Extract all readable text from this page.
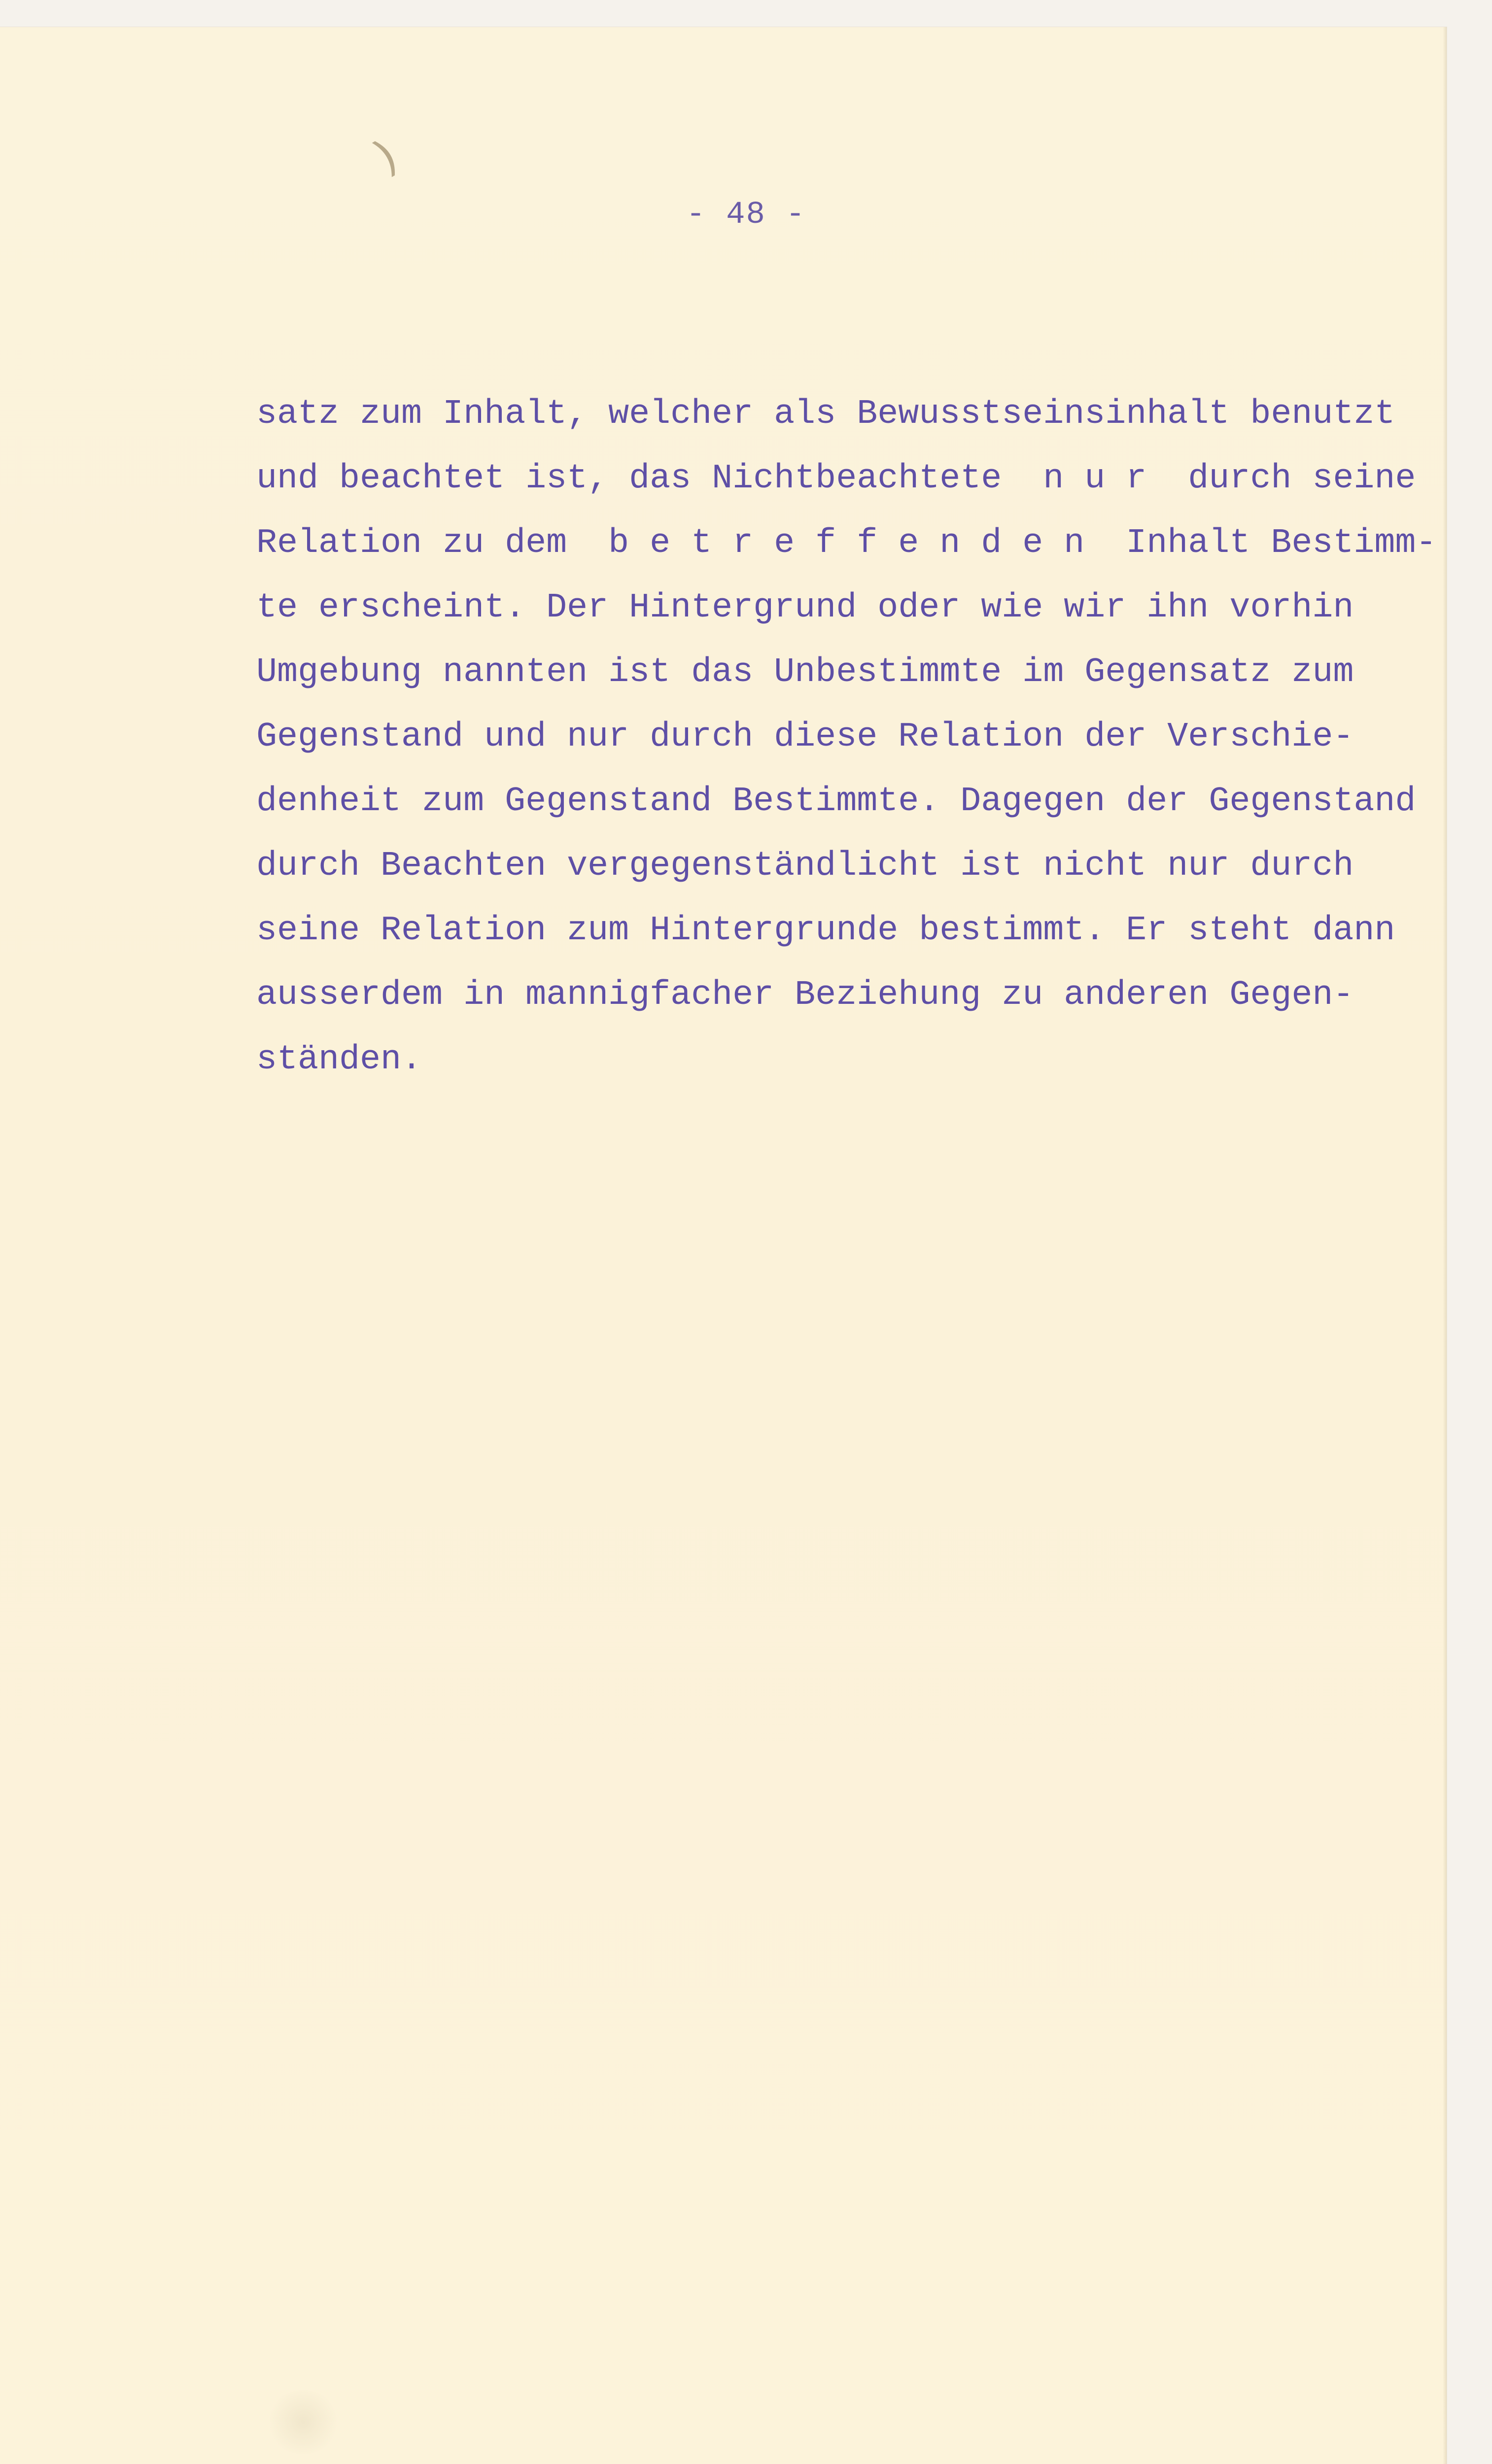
)
- 48 -
satz zum Inhalt, welcher als Bewusstseinsinhalt benutzt
und beachtet ist, das Nichtbeachtete  n u r  durch seine
Relation zu dem  b e t r e f f e n d e n  Inhalt Bestimm-
te erscheint. Der Hintergrund oder wie wir ihn vorhin
Umgebung nannten ist das Unbestimmte im Gegensatz zum
Gegenstand und nur durch diese Relation der Verschie-
denheit zum Gegenstand Bestimmte. Dagegen der Gegenstand
durch Beachten vergegenständlicht ist nicht nur durch
seine Relation zum Hintergrunde bestimmt. Er steht dann
ausserdem in mannigfacher Beziehung zu anderen Gegen-
ständen.
